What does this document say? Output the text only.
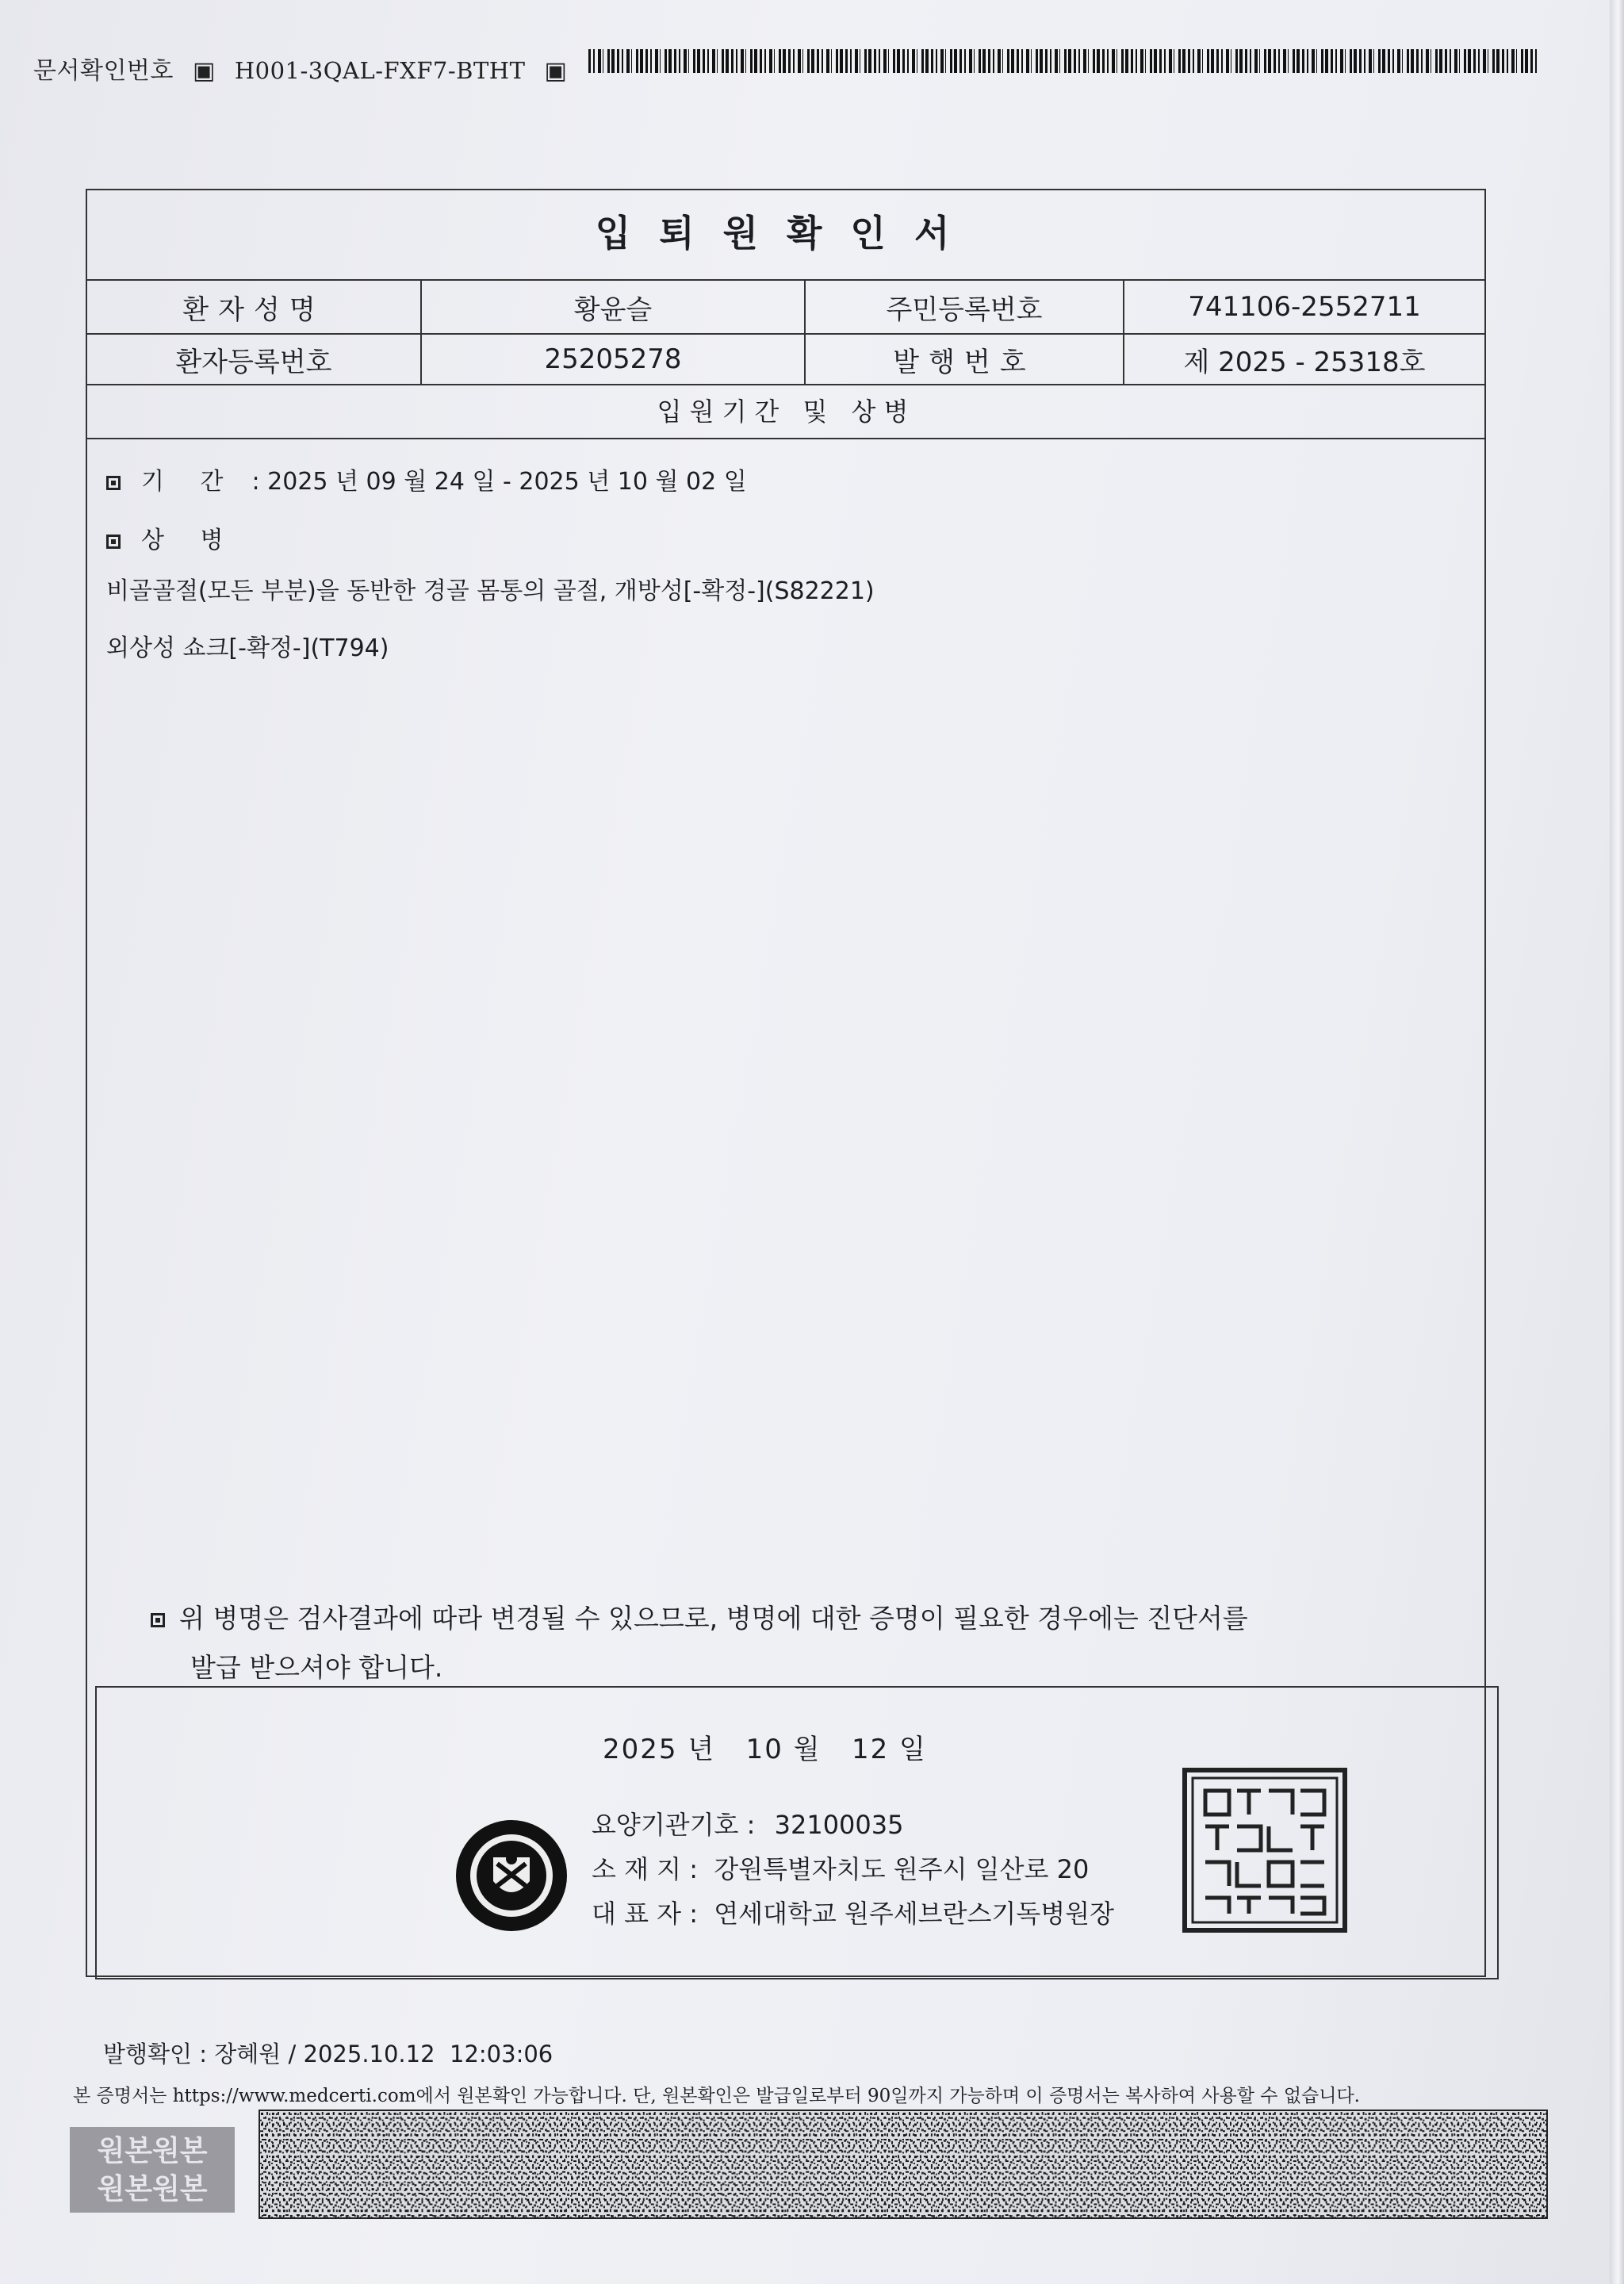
문서확인번호 ▣ H001-3QAL-FXF7-BTHT ▣
입퇴원확인서
환자성명	황윤슬	주민등록번호	741106-2552711
환자등록번호	25205278	발행번호	제 2025 - 25318호
입원기간 및 상병
기 간 : 2025 년 09 월 24 일 - 2025 년 10 월 02 일
상 병
비골골절(모든 부분)을 동반한 경골 몸통의 골절, 개방성[-확정-](S82221)
외상성 쇼크[-확정-](T794)
위 병명은 검사결과에 따라 변경될 수 있으므로, 병명에 대한 증명이 필요한 경우에는 진단서를
발급 받으셔야 합니다.
2025 년   10 월   12 일
요양기관기호 : 32100035
소 재 지 : 강원특별자치도 원주시 일산로 20
대 표 자 : 연세대학교 원주세브란스기독병원장
발행확인 : 장혜원 / 2025.10.12  12:03:06
본 증명서는 https://www.medcerti.com에서 원본확인 가능합니다. 단, 원본확인은 발급일로부터 90일까지 가능하며 이 증명서는 복사하여 사용할 수 없습니다.
원본원본
원본원본
